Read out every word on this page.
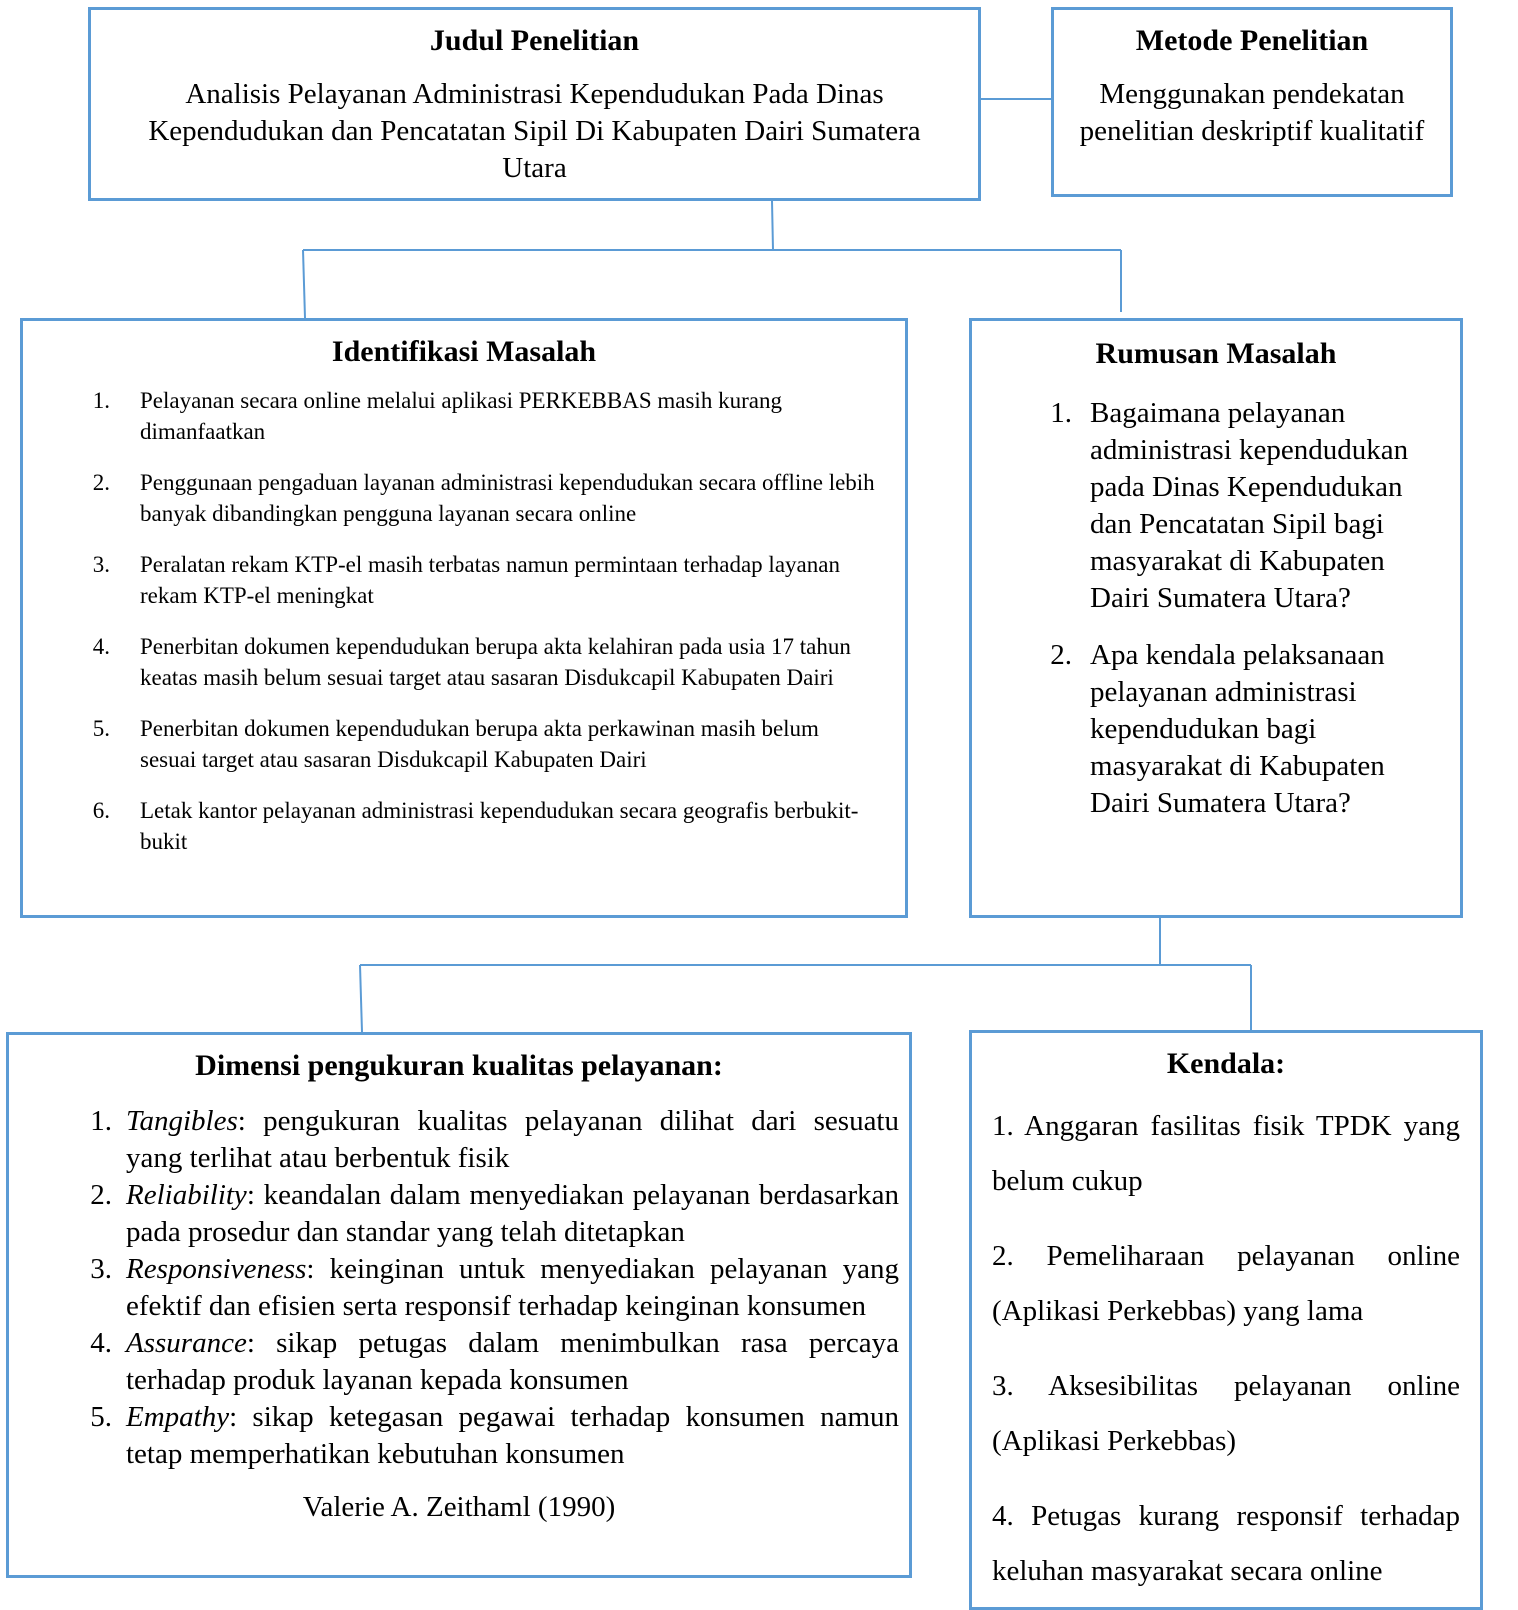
Judul Penelitian
Analisis Pelayanan Administrasi Kependudukan Pada Dinas Kependudukan dan Pencatatan Sipil Di Kabupaten Dairi Sumatera Utara
Metode Penelitian
Menggunakan pendekatan penelitian deskriptif kualitatif
Identifikasi Masalah
1.	Pelayanan secara online melalui aplikasi PERKEBBAS masih kurang dimanfaatkan
2.	Penggunaan pengaduan layanan administrasi kependudukan secara offline lebih banyak dibandingkan pengguna layanan secara online
3.	Peralatan rekam KTP-el masih terbatas namun permintaan terhadap layanan rekam KTP-el meningkat
4.	Penerbitan dokumen kependudukan berupa akta kelahiran pada usia 17 tahun keatas masih belum sesuai target atau sasaran Disdukcapil Kabupaten Dairi
5.	Penerbitan dokumen kependudukan berupa akta perkawinan masih belum sesuai target atau sasaran Disdukcapil Kabupaten Dairi
6.	Letak kantor pelayanan administrasi kependudukan secara geografis berbukit-bukit
Rumusan Masalah
1. Bagaimana pelayanan administrasi kependudukan pada Dinas Kependudukan dan Pencatatan Sipil bagi masyarakat di Kabupaten Dairi Sumatera Utara?
2. Apa kendala pelaksanaan pelayanan administrasi kependudukan bagi masyarakat di Kabupaten Dairi Sumatera Utara?
Dimensi pengukuran kualitas pelayanan:
1. Tangibles: pengukuran kualitas pelayanan dilihat dari sesuatu yang terlihat atau berbentuk fisik
2. Reliability: keandalan dalam menyediakan pelayanan berdasarkan pada prosedur dan standar yang telah ditetapkan
3. Responsiveness: keinginan untuk menyediakan pelayanan yang efektif dan efisien serta responsif terhadap keinginan konsumen
4. Assurance: sikap petugas dalam menimbulkan rasa percaya terhadap produk layanan kepada konsumen
5. Empathy: sikap ketegasan pegawai terhadap konsumen namun tetap memperhatikan kebutuhan konsumen
Valerie A. Zeithaml (1990)
Kendala:

1. Anggaran fasilitas fisik TPDK yang belum cukup

2. Pemeliharaan pelayanan online (Aplikasi Perkebbas) yang lama

3. Aksesibilitas pelayanan online (Aplikasi Perkebbas)

4. Petugas kurang responsif terhadap keluhan masyarakat secara online
